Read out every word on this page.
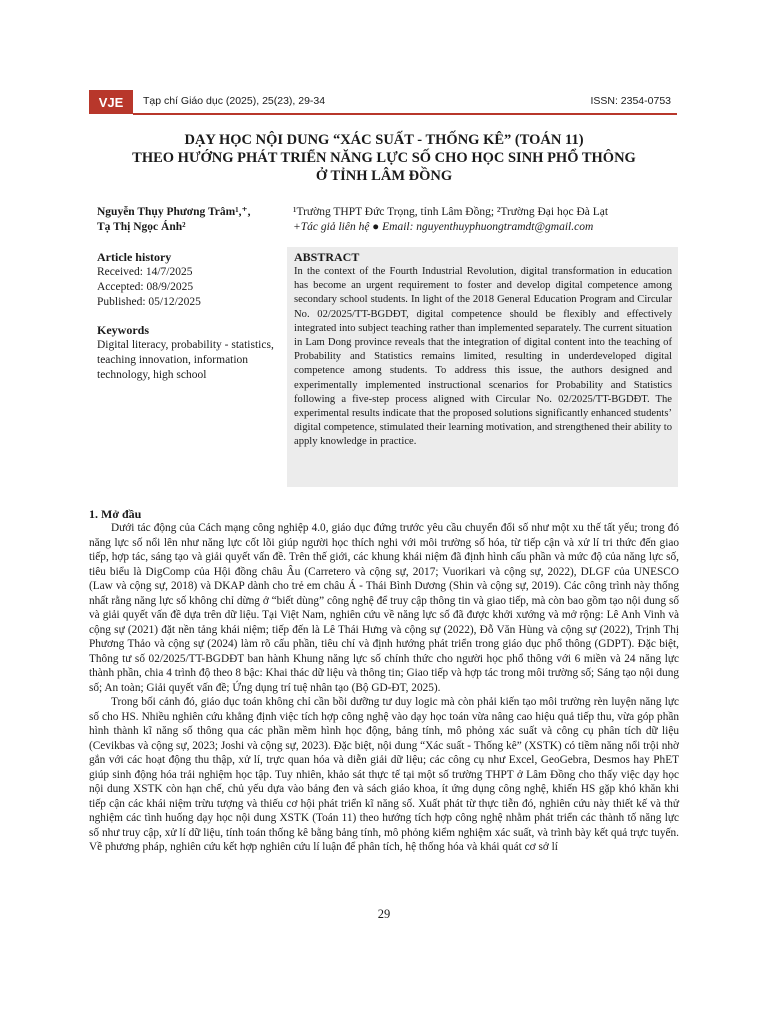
VJE	Tạp chí Giáo dục (2025), 25(23), 29-34	ISSN: 2354-0753
DẠY HỌC NỘI DUNG “XÁC SUẤT - THỐNG KÊ” (TOÁN 11)
THEO HƯỚNG PHÁT TRIỂN NĂNG LỰC SỐ CHO HỌC SINH PHỔ THÔNG
Ở TỈNH LÂM ĐỒNG
Nguyễn Thụy Phương Trâm¹,⁺,
Tạ Thị Ngọc Ánh²
¹Trường THPT Đức Trọng, tỉnh Lâm Đồng; ²Trường Đại học Đà Lạt
+Tác giả liên hệ ● Email: nguyenthuyphuongtramdt@gmail.com
Article history
Received: 14/7/2025
Accepted: 08/9/2025
Published: 05/12/2025
Keywords
Digital literacy, probability - statistics, teaching innovation, information technology, high school
ABSTRACT
In the context of the Fourth Industrial Revolution, digital transformation in education has become an urgent requirement to foster and develop digital competence among secondary school students. In light of the 2018 General Education Program and Circular No. 02/2025/TT-BGDĐT, digital competence should be flexibly and effectively integrated into subject teaching rather than implemented separately. The current situation in Lam Dong province reveals that the integration of digital content into the teaching of Probability and Statistics remains limited, resulting in underdeveloped digital competence among students. To address this issue, the authors designed and experimentally implemented instructional scenarios for Probability and Statistics following a five-step process aligned with Circular No. 02/2025/TT-BGDĐT. The experimental results indicate that the proposed solutions significantly enhanced students’ digital competence, stimulated their learning motivation, and strengthened their ability to apply knowledge in practice.
1. Mở đầu

Dưới tác động của Cách mạng công nghiệp 4.0, giáo dục đứng trước yêu cầu chuyển đổi số như một xu thế tất yếu; trong đó năng lực số nổi lên như năng lực cốt lõi giúp người học thích nghi với môi trường số hóa, từ tiếp cận và xử lí tri thức đến giao tiếp, hợp tác, sáng tạo và giải quyết vấn đề. Trên thế giới, các khung khái niệm đã định hình cấu phần và mức độ của năng lực số, tiêu biểu là DigComp của Hội đồng châu Âu (Carretero và cộng sự, 2017; Vuorikari và cộng sự, 2022), DLGF của UNESCO (Law và cộng sự, 2018) và DKAP dành cho trẻ em châu Á - Thái Bình Dương (Shin và cộng sự, 2019). Các công trình này thống nhất rằng năng lực số không chỉ dừng ở “biết dùng” công nghệ để truy cập thông tin và giao tiếp, mà còn bao gồm tạo nội dung số và giải quyết vấn đề dựa trên dữ liệu. Tại Việt Nam, nghiên cứu về năng lực số đã được khởi xướng và mở rộng: Lê Anh Vinh và cộng sự (2021) đặt nền tảng khái niệm; tiếp đến là Lê Thái Hưng và cộng sự (2022), Đỗ Văn Hùng và cộng sự (2022), Trịnh Thị Phương Thảo và cộng sự (2024) làm rõ cấu phần, tiêu chí và định hướng phát triển trong giáo dục phổ thông (GDPT). Đặc biệt, Thông tư số 02/2025/TT-BGDĐT ban hành Khung năng lực số chính thức cho người học phổ thông với 6 miền và 24 năng lực thành phần, chia 4 trình độ theo 8 bậc: Khai thác dữ liệu và thông tin; Giao tiếp và hợp tác trong môi trường số; Sáng tạo nội dung số; An toàn; Giải quyết vấn đề; Ứng dụng trí tuệ nhân tạo (Bộ GD-ĐT, 2025).

Trong bối cảnh đó, giáo dục toán không chỉ cần bồi dưỡng tư duy logic mà còn phải kiến tạo môi trường rèn luyện năng lực số cho HS. Nhiều nghiên cứu khẳng định việc tích hợp công nghệ vào dạy học toán vừa nâng cao hiệu quả tiếp thu, vừa góp phần hình thành kĩ năng số thông qua các phần mềm hình học động, bảng tính, mô phỏng xác suất và công cụ phân tích dữ liệu (Cevikbas và cộng sự, 2023; Joshi và cộng sự, 2023). Đặc biệt, nội dung “Xác suất - Thống kê” (XSTK) có tiềm năng nổi trội nhờ gắn với các hoạt động thu thập, xử lí, trực quan hóa và diễn giải dữ liệu; các công cụ như Excel, GeoGebra, Desmos hay PhET giúp sinh động hóa trải nghiệm học tập. Tuy nhiên, khảo sát thực tế tại một số trường THPT ở Lâm Đồng cho thấy việc dạy học nội dung XSTK còn hạn chế, chủ yếu dựa vào bảng đen và sách giáo khoa, ít ứng dụng công nghệ, khiến HS gặp khó khăn khi tiếp cận các khái niệm trừu tượng và thiếu cơ hội phát triển kĩ năng số. Xuất phát từ thực tiễn đó, nghiên cứu này thiết kế và thử nghiệm các tình huống dạy học nội dung XSTK (Toán 11) theo hướng tích hợp công nghệ nhằm phát triển các thành tố năng lực số như truy cập, xử lí dữ liệu, tính toán thống kê bằng bảng tính, mô phỏng kiểm nghiệm xác suất, và trình bày kết quả trực tuyến. Về phương pháp, nghiên cứu kết hợp nghiên cứu lí luận để phân tích, hệ thống hóa và khái quát cơ sở lí

29
